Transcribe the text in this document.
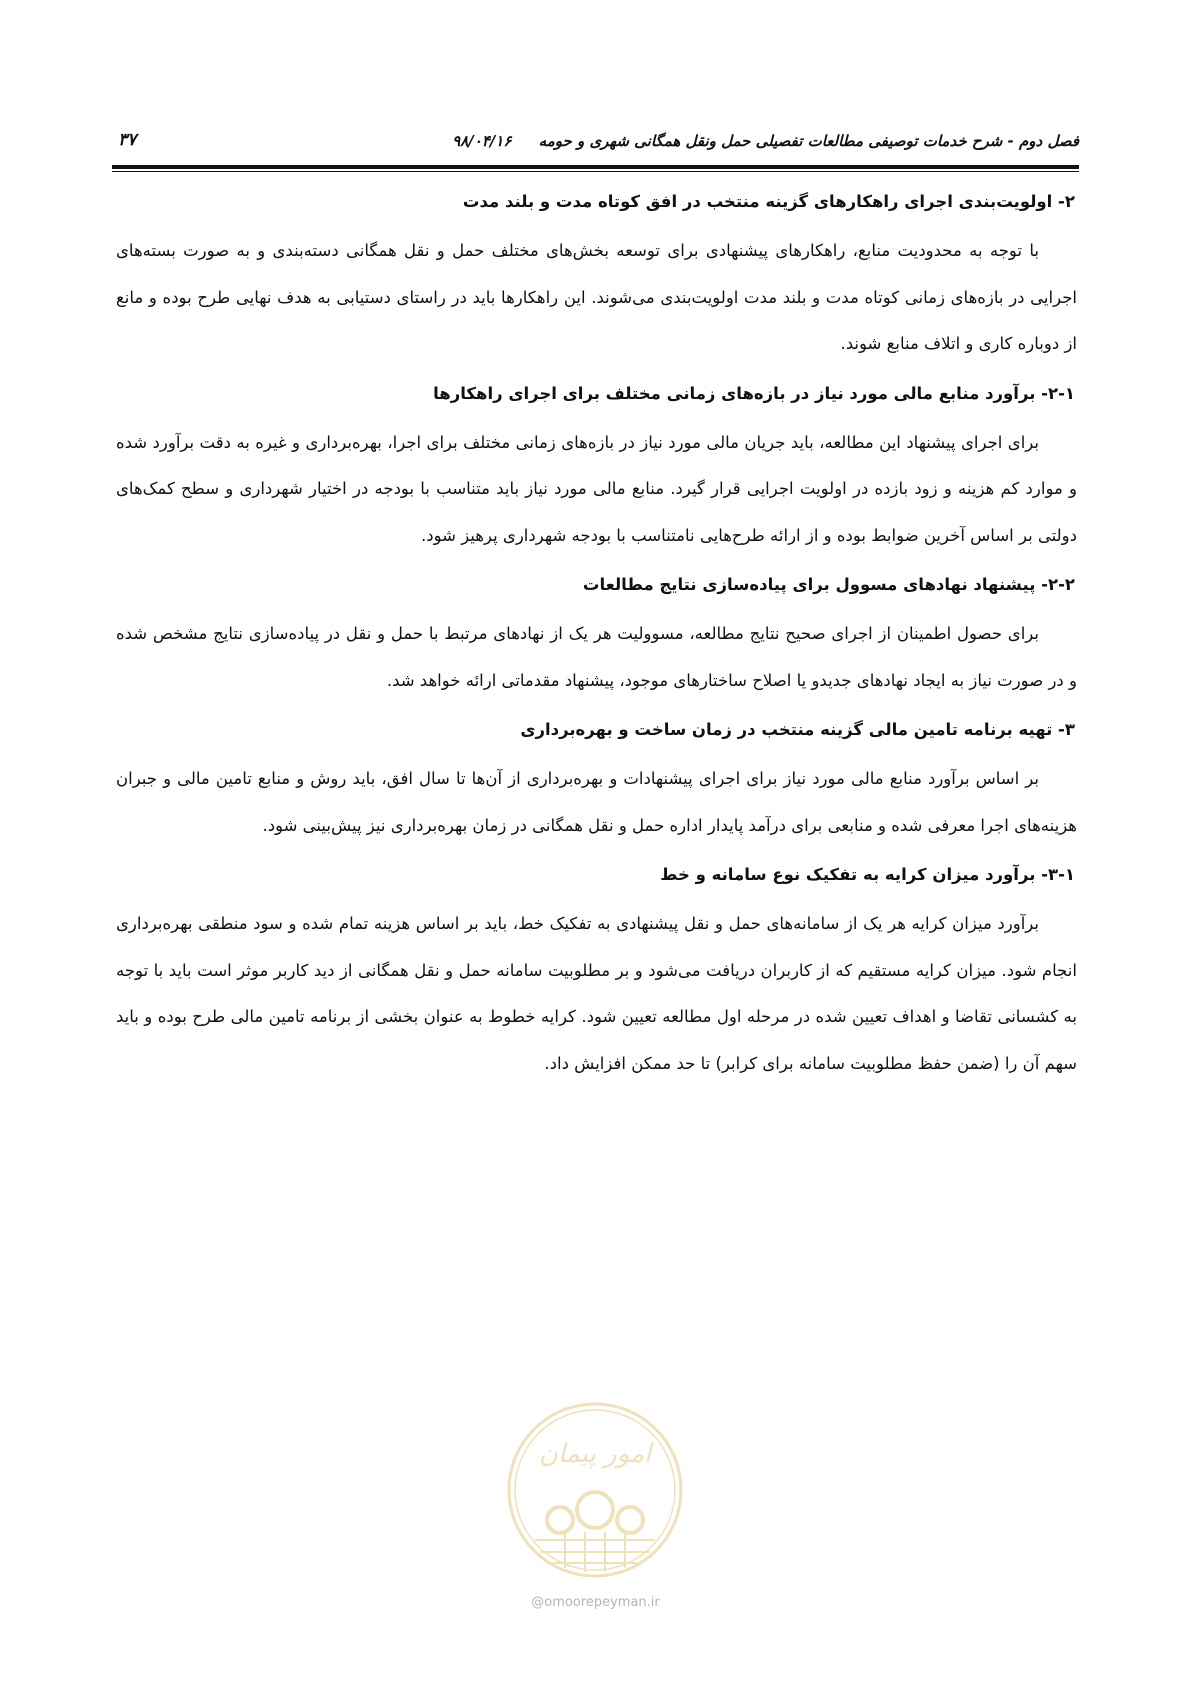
فصل دوم - شرح خدمات توصیفی مطالعات تفصیلی حمل ونقل همگانی شهری و حومه ۹۸/۰۴/۱۶
۳۷
۲- اولویت‌بندی اجرای راهکارهای گزینه منتخب در افق کوتاه مدت و بلند مدت

با توجه به محدودیت منابع، راهکارهای پیشنهادی برای توسعه بخش‌های مختلف حمل و نقل همگانی دسته‌بندی و به صورت بسته‌های اجرایی در بازه‌های زمانی کوتاه مدت و بلند مدت اولویت‌بندی می‌شوند. این راهکارها باید در راستای دستیابی به هدف نهایی طرح بوده و مانع از دوباره کاری و اتلاف منابع شوند.

۲-۱- برآورد منابع مالی مورد نیاز در بازه‌های زمانی مختلف برای اجرای راهکارها

برای اجرای پیشنهاد این مطالعه، باید جریان مالی مورد نیاز در بازه‌های زمانی مختلف برای اجرا، بهره‌برداری و غیره به دقت برآورد شده و موارد کم هزینه و زود بازده در اولویت اجرایی قرار گیرد. منابع مالی مورد نیاز باید متناسب با بودجه در اختیار شهرداری و سطح کمک‌های دولتی بر اساس آخرین ضوابط بوده و از ارائه طرح‌هایی نامتناسب با بودجه شهرداری پرهیز شود.

۲-۲- پیشنهاد نهادهای مسوول برای پیاده‌سازی نتایج مطالعات

برای حصول اطمینان از اجرای صحیح نتایج مطالعه، مسوولیت هر یک از نهادهای مرتبط با حمل و نقل در پیاده‌سازی نتایج مشخص شده و در صورت نیاز به ایجاد نهادهای جدیدو یا اصلاح ساختارهای موجود، پیشنهاد مقدماتی ارائه خواهد شد.

۳- تهیه برنامه تامین مالی گزینه منتخب در زمان ساخت و بهره‌برداری

بر اساس برآورد منابع مالی مورد نیاز برای اجرای پیشنهادات و بهره‌برداری از آن‌ها تا سال افق، باید روش و منابع تامین مالی و جبران هزینه‌های اجرا معرفی شده و منابعی برای درآمد پایدار اداره حمل و نقل همگانی در زمان بهره‌برداری نیز پیش‌بینی شود.

۳-۱- برآورد میزان کرایه به تفکیک نوع سامانه و خط

برآورد میزان کرایه هر یک از سامانه‌های حمل و نقل پیشنهادی به تفکیک خط، باید بر اساس هزینه تمام شده و سود منطقی بهره‌برداری انجام شود. میزان کرایه مستقیم که از کاربران دریافت می‌شود و بر مطلوبیت سامانه حمل و نقل همگانی از دید کاربر موثر است باید با توجه به کشسانی تقاضا و اهداف تعیین شده در مرحله اول مطالعه تعیین شود. کرایه خطوط به عنوان بخشی از برنامه تامین مالی طرح بوده و باید سهم آن را (ضمن حفظ مطلوبیت سامانه برای کرابر) تا حد ممکن افزایش داد.

امور پیمان
@omoorepeyman.ir
